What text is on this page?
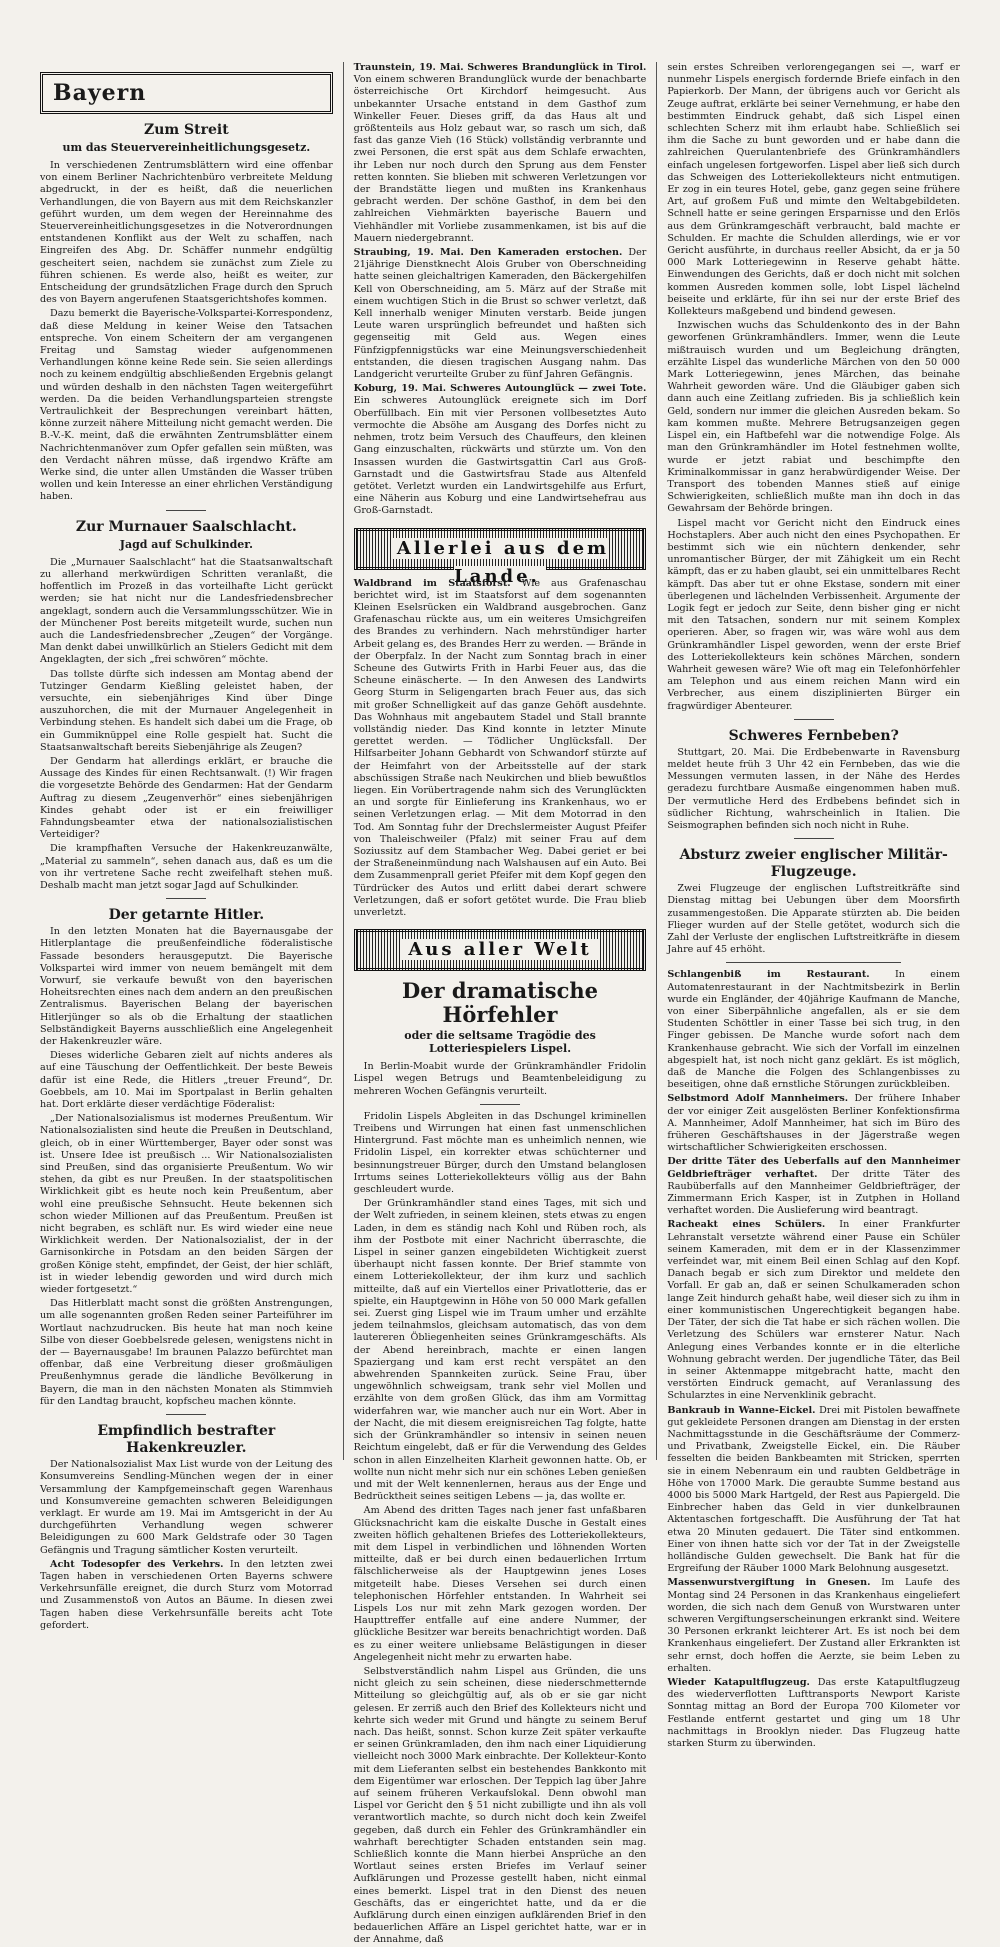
Bayern
Zum Streit
um das Steuervereinheitlichungsgesetz.

In verschiedenen Zentrumsblättern wird eine offenbar von einem Berliner Nachrichtenbüro verbreitete Meldung abgedruckt, in der es heißt, daß die neuerlichen Verhandlungen, die von Bayern aus mit dem Reichskanzler geführt wurden, um dem wegen der Hereinnahme des Steuervereinheitlichungsgesetzes in die Notverordnungen entstandenen Konflikt aus der Welt zu schaffen, nach Eingreifen des Abg. Dr. Schäffer nunmehr endgültig gescheitert seien, nachdem sie zunächst zum Ziele zu führen schienen. Es werde also, heißt es weiter, zur Entscheidung der grundsätzlichen Frage durch den Spruch des von Bayern angerufenen Staatsgerichtshofes kommen.

Dazu bemerkt die Bayerische-Volkspartei-Korrespondenz, daß diese Meldung in keiner Weise den Tatsachen entspreche. Von einem Scheitern der am vergangenen Freitag und Samstag wieder aufgenommenen Verhandlungen könne keine Rede sein. Sie seien allerdings noch zu keinem endgültig abschließenden Ergebnis gelangt und würden deshalb in den nächsten Tagen weitergeführt werden. Da die beiden Verhandlungsparteien strengste Vertraulichkeit der Besprechungen vereinbart hätten, könne zurzeit nähere Mitteilung nicht gemacht werden. Die B.-V.-K. meint, daß die erwähnten Zentrumsblätter einem Nachrichtenmanöver zum Opfer gefallen sein müßten, was den Verdacht nähren müsse, daß irgendwo Kräfte am Werke sind, die unter allen Umständen die Wasser trüben wollen und kein Interesse an einer ehrlichen Verständigung haben.

Zur Murnauer Saalschlacht.
Jagd auf Schulkinder.

Die „Murnauer Saalschlacht“ hat die Staatsanwaltschaft zu allerhand merkwürdigen Schritten veranlaßt, die hoffentlich im Prozeß in das vorteilhafte Licht gerückt werden; sie hat nicht nur die Landesfriedensbrecher angeklagt, sondern auch die Versammlungsschützer. Wie in der Münchener Post bereits mitgeteilt wurde, suchen nun auch die Landesfriedensbrecher „Zeugen“ der Vorgänge. Man denkt dabei unwillkürlich an Stielers Gedicht mit dem Angeklagten, der sich „frei schwören“ möchte.

Das tollste dürfte sich indessen am Montag abend der Tutzinger Gendarm Kießling geleistet haben, der versuchte, ein siebenjähriges Kind über Dinge auszuhorchen, die mit der Murnauer Angelegenheit in Verbindung stehen. Es handelt sich dabei um die Frage, ob ein Gummiknüppel eine Rolle gespielt hat. Sucht die Staatsanwaltschaft bereits Siebenjährige als Zeugen?

Der Gendarm hat allerdings erklärt, er brauche die Aussage des Kindes für einen Rechtsanwalt. (!) Wir fragen die vorgesetzte Behörde des Gendarmen: Hat der Gendarm Auftrag zu diesem „Zeugenverhör“ eines siebenjährigen Kindes gehabt oder ist er ein freiwilliger Fahndungsbeamter etwa der nationalsozialistischen Verteidiger?

Die krampfhaften Versuche der Hakenkreuzanwälte, „Material zu sammeln“, sehen danach aus, daß es um die von ihr vertretene Sache recht zweifelhaft stehen muß. Deshalb macht man jetzt sogar Jagd auf Schulkinder.

Der getarnte Hitler.

In den letzten Monaten hat die Bayernausgabe der Hitlerplantage die preußenfeindliche föderalistische Fassade besonders herausgeputzt. Die Bayerische Volkspartei wird immer von neuem bemängelt mit dem Vorwurf, sie verkaufe bewußt von den bayerischen Hoheitsrechten eines nach dem andern an den preußischen Zentralismus. Bayerischen Belang der bayerischen Hitlerjünger so als ob die Erhaltung der staatlichen Selbständigkeit Bayerns ausschließlich eine Angelegenheit der Hakenkreuzler wäre.

Dieses widerliche Gebaren zielt auf nichts anderes als auf eine Täuschung der Oeffentlichkeit. Der beste Beweis dafür ist eine Rede, die Hitlers „treuer Freund“, Dr. Goebbels, am 10. Mai im Sportpalast in Berlin gehalten hat. Dort erklärte dieser verdächtige Föderalist:

„Der Nationalsozialismus ist modernes Preußentum. Wir Nationalsozialisten sind heute die Preußen in Deutschland, gleich, ob in einer Württemberger, Bayer oder sonst was ist. Unsere Idee ist preußisch ... Wir Nationalsozialisten sind Preußen, sind das organisierte Preußentum. Wo wir stehen, da gibt es nur Preußen. In der staatspolitischen Wirklichkeit gibt es heute noch kein Preußentum, aber wohl eine preußische Sehnsucht. Heute bekennen sich schon wieder Millionen auf das Preußentum. Preußen ist nicht begraben, es schläft nur. Es wird wieder eine neue Wirklichkeit werden. Der Nationalsozialist, der in der Garnisonkirche in Potsdam an den beiden Särgen der großen Könige steht, empfindet, der Geist, der hier schläft, ist in wieder lebendig geworden und wird durch mich wieder fortgesetzt.“

Das Hitlerblatt macht sonst die größten Anstrengungen, um alle sogenannten großen Reden seiner Parteiführer im Wortlaut nachzudrucken. Bis heute hat man noch keine Silbe von dieser Goebbelsrede gelesen, wenigstens nicht in der — Bayernausgabe! Im braunen Palazzo befürchtet man offenbar, daß eine Verbreitung dieser großmäuligen Preußenhymnus gerade die ländliche Bevölkerung in Bayern, die man in den nächsten Monaten als Stimmvieh für den Landtag braucht, kopfscheu machen könnte.

Empfindlich bestrafter Hakenkreuzler.

Der Nationalsozialist Max List wurde von der Leitung des Konsumvereins Sendling-München wegen der in einer Versammlung der Kampfgemeinschaft gegen Warenhaus und Konsumvereine gemachten schweren Beleidigungen verklagt. Er wurde am 19. Mai im Amtsgericht in der Au durchgeführten Verhandlung wegen schwerer Beleidigungen zu 600 Mark Geldstrafe oder 30 Tagen Gefängnis und Tragung sämtlicher Kosten verurteilt.

Acht Todesopfer des Verkehrs. In den letzten zwei Tagen haben in verschiedenen Orten Bayerns schwere Verkehrsunfälle ereignet, die durch Sturz vom Motorrad und Zusammenstoß von Autos an Bäume. In diesen zwei Tagen haben diese Verkehrsunfälle bereits acht Tote gefordert.

Traunstein, 19. Mai. Schweres Brandunglück in Tirol. Von einem schweren Brandunglück wurde der benachbarte österreichische Ort Kirchdorf heimgesucht. Aus unbekannter Ursache entstand in dem Gasthof zum Winkeller Feuer. Dieses griff, da das Haus alt und größtenteils aus Holz gebaut war, so rasch um sich, daß fast das ganze Vieh (16 Stück) vollständig verbrannte und zwei Personen, die erst spät aus dem Schlafe erwachten, ihr Leben nur noch durch den Sprung aus dem Fenster retten konnten. Sie blieben mit schweren Verletzungen vor der Brandstätte liegen und mußten ins Krankenhaus gebracht werden. Der schöne Gasthof, in dem bei den zahlreichen Viehmärkten bayerische Bauern und Viehhändler mit Vorliebe zusammenkamen, ist bis auf die Mauern niedergebrannt.

Straubing, 19. Mai. Den Kameraden erstochen. Der 21jährige Dienstknecht Alois Gruber von Oberschneiding hatte seinen gleichaltrigen Kameraden, den Bäckergehilfen Kell von Oberschneiding, am 5. März auf der Straße mit einem wuchtigen Stich in die Brust so schwer verletzt, daß Kell innerhalb weniger Minuten verstarb. Beide jungen Leute waren ursprünglich befreundet und haßten sich gegenseitig mit Geld aus. Wegen eines Fünfzigpfennigstücks war eine Meinungsverschiedenheit entstanden, die diesen tragischen Ausgang nahm. Das Landgericht verurteilte Gruber zu fünf Jahren Gefängnis.

Koburg, 19. Mai. Schweres Autounglück — zwei Tote. Ein schweres Autounglück ereignete sich im Dorf Oberfüllbach. Ein mit vier Personen vollbesetztes Auto vermochte die Absöhe am Ausgang des Dorfes nicht zu nehmen, trotz beim Versuch des Chauffeurs, den kleinen Gang einzuschalten, rückwärts und stürzte um. Von den Insassen wurden die Gastwirtsgattin Carl aus Groß-Garnstadt und die Gastwirtsfrau Stade aus Altenfeld getötet. Verletzt wurden ein Landwirtsgehilfe aus Erfurt, eine Näherin aus Koburg und eine Landwirtsehefrau aus Groß-Garnstadt.

Allerlei aus dem Lande.

Waldbrand im Staatsforst. Wie aus Grafenaschau berichtet wird, ist im Staatsforst auf dem sogenannten Kleinen Eselsrücken ein Waldbrand ausgebrochen. Ganz Grafenaschau rückte aus, um ein weiteres Umsichgreifen des Brandes zu verhindern. Nach mehrstündiger harter Arbeit gelang es, des Brandes Herr zu werden. — Brände in der Oberpfalz. In der Nacht zum Sonntag brach in einer Scheune des Gutwirts Frith in Harbi Feuer aus, das die Scheune einäscherte. — In den Anwesen des Landwirts Georg Sturm in Seligengarten brach Feuer aus, das sich mit großer Schnelligkeit auf das ganze Gehöft ausdehnte. Das Wohnhaus mit angebautem Stadel und Stall brannte vollständig nieder. Das Kind konnte in letzter Minute gerettet werden. — Tödlicher Unglücksfall. Der Hilfsarbeiter Johann Gebhardt von Schwandorf stürzte auf der Heimfahrt von der Arbeitsstelle auf der stark abschüssigen Straße nach Neukirchen und blieb bewußtlos liegen. Ein Vorübertragende nahm sich des Verunglückten an und sorgte für Einlieferung ins Krankenhaus, wo er seinen Verletzungen erlag. — Mit dem Motorrad in den Tod. Am Sonntag fuhr der Drechslermeister August Pfeifer von Thaleischweiler (Pfalz) mit seiner Frau auf dem Soziussitz auf dem Stambacher Weg. Dabei geriet er bei der Straßeneinmündung nach Walshausen auf ein Auto. Bei dem Zusammenprall geriet Pfeifer mit dem Kopf gegen den Türdrücker des Autos und erlitt dabei derart schwere Verletzungen, daß er sofort getötet wurde. Die Frau blieb unverletzt.

Aus aller Welt
Der dramatische Hörfehler
oder die seltsame Tragödie des Lotteriespielers Lispel.

In Berlin-Moabit wurde der Grünkramhändler Fridolin Lispel wegen Betrugs und Beamtenbeleidigung zu mehreren Wochen Gefängnis verurteilt.

Fridolin Lispels Abgleiten in das Dschungel kriminellen Treibens und Wirrungen hat einen fast unmenschlichen Hintergrund. Fast möchte man es unheimlich nennen, wie Fridolin Lispel, ein korrekter etwas schüchterner und besinnungstreuer Bürger, durch den Umstand belanglosen Irrtums seines Lotteriekollekteurs völlig aus der Bahn geschleudert wurde.

Der Grünkramhändler stand eines Tages, mit sich und der Welt zufrieden, in seinem kleinen, stets etwas zu engen Laden, in dem es ständig nach Kohl und Rüben roch, als ihm der Postbote mit einer Nachricht überraschte, die Lispel in seiner ganzen eingebildeten Wichtigkeit zuerst überhaupt nicht fassen konnte. Der Brief stammte von einem Lotteriekollekteur, der ihm kurz und sachlich mitteilte, daß auf ein Viertellos einer Privatlotterie, das er spielte, ein Hauptgewinn in Höhe von 50 000 Mark gefallen sei. Zuerst ging Lispel wie im Traum umher und erzählte jedem teilnahmslos, gleichsam automatisch, das von dem lautereren Öbliegenheiten seines Grünkramgeschäfts. Als der Abend hereinbrach, machte er einen langen Spaziergang und kam erst recht verspätet an den abwehrenden Spannkeiten zurück. Seine Frau, über ungewöhnlich schweigsam, trank sehr viel Mollen und erzählte von dem großen Glück, das ihm am Vormittag widerfahren war, wie mancher auch nur ein Wort. Aber in der Nacht, die mit diesem ereignisreichen Tag folgte, hatte sich der Grünkramhändler so intensiv in seinen neuen Reichtum eingelebt, daß er für die Verwendung des Geldes schon in allen Einzelheiten Klarheit gewonnen hatte. Ob, er wollte nun nicht mehr sich nur ein schönes Leben genießen und mit der Welt kennenlernen, heraus aus der Enge und Bedrücktheit seines seitigen Lebens — ja, das wollte er.

Am Abend des dritten Tages nach jener fast unfaßbaren Glücksnachricht kam die eiskalte Dusche in Gestalt eines zweiten höflich gehaltenen Briefes des Lotteriekollekteurs, mit dem Lispel in verbindlichen und löhnenden Worten mitteilte, daß er bei durch einen bedauerlichen Irrtum fälschlicherweise als der Hauptgewinn jenes Loses mitgeteilt habe. Dieses Versehen sei durch einen telephonischen Hörfehler entstanden. In Wahrheit sei Lispels Los nur mit zehn Mark gezogen worden. Der Haupttreffer entfalle auf eine andere Nummer, der glückliche Besitzer war bereits benachrichtigt worden. Daß es zu einer weitere unliebsame Belästigungen in dieser Angelegenheit nicht mehr zu erwarten habe.

Selbstverständlich nahm Lispel aus Gründen, die uns nicht gleich zu sein scheinen, diese niederschmetternde Mitteilung so gleichgültig auf, als ob er sie gar nicht gelesen. Er zerriß auch den Brief des Kollekteurs nicht und kehrte sich weder mit Grund und hängte zu seinem Beruf nach. Das heißt, sonnst. Schon kurze Zeit später verkaufte er seinen Grünkramladen, den ihm nach einer Liquidierung vielleicht noch 3000 Mark einbrachte. Der Kollekteur-Konto mit dem Lieferanten selbst ein bestehendes Bankkonto mit dem Eigentümer war erloschen. Der Teppich lag über Jahre auf seinem früheren Verkaufslokal. Denn obwohl man Lispel vor Gericht den § 51 nicht zubilligte und ihn als voll verantwortlich machte, so durch nicht doch kein Zweifel gegeben, daß durch ein Fehler des Grünkramhändler ein wahrhaft berechtigter Schaden entstanden sein mag. Schließlich konnte die Mann hierbei Ansprüche an den Wortlaut seines ersten Briefes im Verlauf seiner Aufklärungen und Prozesse gestellt haben, nicht einmal eines bemerkt. Lispel trat in den Dienst des neuen Geschäfts, das er eingerichtet hatte, und da er die Aufklärung durch einen einzigen aufklärenden Brief in den bedauerlichen Affäre an Lispel gerichtet hatte, war er in der Annahme, daß

sein erstes Schreiben verlorengegangen sei —, warf er nunmehr Lispels energisch fordernde Briefe einfach in den Papierkorb. Der Mann, der übrigens auch vor Gericht als Zeuge auftrat, erklärte bei seiner Vernehmung, er habe den bestimmten Eindruck gehabt, daß sich Lispel einen schlechten Scherz mit ihm erlaubt habe. Schließlich sei ihm die Sache zu bunt geworden und er habe dann die zahlreichen Querulantenbriefe des Grünkramhändlers einfach ungelesen fortgeworfen. Lispel aber ließ sich durch das Schweigen des Lotteriekollekteurs nicht entmutigen. Er zog in ein teures Hotel, gebe, ganz gegen seine frühere Art, auf großem Fuß und mimte den Weltabgebildeten. Schnell hatte er seine geringen Ersparnisse und den Erlös aus dem Grünkramgeschäft verbraucht, bald machte er Schulden. Er machte die Schulden allerdings, wie er vor Gericht ausführte, in durchaus reeller Absicht, da er ja 50 000 Mark Lotteriegewinn in Reserve gehabt hätte. Einwendungen des Gerichts, daß er doch nicht mit solchen kommen Ausreden kommen solle, lobt Lispel lächelnd beiseite und erklärte, für ihn sei nur der erste Brief des Kollekteurs maßgebend und bindend gewesen.

Inzwischen wuchs das Schuldenkonto des in der Bahn geworfenen Grünkramhändlers. Immer, wenn die Leute mißtrauisch wurden und um Begleichung drängten, erzählte Lispel das wunderliche Märchen von den 50 000 Mark Lotteriegewinn, jenes Märchen, das beinahe Wahrheit geworden wäre. Und die Gläubiger gaben sich dann auch eine Zeitlang zufrieden. Bis ja schließlich kein Geld, sondern nur immer die gleichen Ausreden bekam. So kam kommen mußte. Mehrere Betrugsanzeigen gegen Lispel ein, ein Haftbefehl war die notwendige Folge. Als man den Grünkramhändler im Hotel festnehmen wollte, wurde er jetzt rabiat und beschimpfte den Kriminalkommissar in ganz herabwürdigender Weise. Der Transport des tobenden Mannes stieß auf einige Schwierigkeiten, schließlich mußte man ihn doch in das Gewahrsam der Behörde bringen.

Lispel macht vor Gericht nicht den Eindruck eines Hochstaplers. Aber auch nicht den eines Psychopathen. Er bestimmt sich wie ein nüchtern denkender, sehr unromantischer Bürger, der mit Zähigkeit um ein Recht kämpft, das er zu haben glaubt, sei ein unmittelbares Recht kämpft. Das aber tut er ohne Ekstase, sondern mit einer überlegenen und lächelnden Verbissenheit. Argumente der Logik fegt er jedoch zur Seite, denn bisher ging er nicht mit den Tatsachen, sondern nur mit seinem Komplex operieren. Aber, so fragen wir, was wäre wohl aus dem Grünkramhändler Lispel geworden, wenn der erste Brief des Lotteriekollekteurs kein schönes Märchen, sondern Wahrheit gewesen wäre? Wie oft mag ein Telefonhörfehler am Telephon und aus einem reichen Mann wird ein Verbrecher, aus einem disziplinierten Bürger ein fragwürdiger Abenteurer.

Schweres Fernbeben?

Stuttgart, 20. Mai. Die Erdbebenwarte in Ravensburg meldet heute früh 3 Uhr 42 ein Fernbeben, das wie die Messungen vermuten lassen, in der Nähe des Herdes geradezu furchtbare Ausmaße eingenommen haben muß. Der vermutliche Herd des Erdbebens befindet sich in südlicher Richtung, wahrscheinlich in Italien. Die Seismographen befinden sich noch nicht in Ruhe.

Absturz zweier englischer Militär-Flugzeuge.

Zwei Flugzeuge der englischen Luftstreitkräfte sind Dienstag mittag bei Uebungen über dem Moorsfirth zusammengestoßen. Die Apparate stürzten ab. Die beiden Flieger wurden auf der Stelle getötet, wodurch sich die Zahl der Verluste der englischen Luftstreitkräfte in diesem Jahre auf 45 erhöht.

Schlangenbiß im Restaurant.	In einem Automatenrestaurant in der Nachtmitsbezirk in Berlin wurde ein Engländer, der 40jährige Kaufmann de Manche, von einer Siberpähnliche angefallen, als er sie dem Studenten Schöttler in einer Tasse bei sich trug, in den Finger gebissen. De Manche wurde sofort nach dem Krankenhause gebracht. Wie sich der Vorfall im einzelnen abgespielt hat, ist noch nicht ganz geklärt. Es ist möglich, daß de Manche die Folgen des Schlangenbisses zu beseitigen, ohne daß ernstliche Störungen zurückbleiben.

Selbstmord Adolf Mannheimers. Der frühere Inhaber der vor einiger Zeit ausgelösten Berliner Konfektionsfirma A. Mannheimer, Adolf Mannheimer, hat sich im Büro des früheren Geschäftshauses in der Jägerstraße wegen wirtschaftlicher Schwierigkeiten erschossen.

Der dritte Täter des Ueberfalls auf den Mannheimer Geldbriefträger verhaftet. Der dritte Täter des Raubüberfalls auf den Mannheimer Geldbriefträger, der Zimmermann Erich Kasper, ist in Zutphen in Holland verhaftet worden. Die Auslieferung wird beantragt.

Racheakt eines Schülers. In einer Frankfurter Lehranstalt versetzte während einer Pause ein Schüler seinem Kameraden, mit dem er in der Klassenzimmer verfeindet war, mit einem Beil einen Schlag auf den Kopf. Danach begab er sich zum Direktor und meldete den Vorfall. Er gab an, daß er seinen Schulkameraden schon lange Zeit hindurch gehaßt habe, weil dieser sich zu ihm in einer kommunistischen Ungerechtigkeit begangen habe. Der Täter, der sich die Tat habe er sich rächen wollen. Die Verletzung des Schülers war ernsterer Natur. Nach Anlegung eines Verbandes konnte er in die elterliche Wohnung gebracht werden. Der jugendliche Täter, das Beil in seiner Aktenmappe mitgebracht hatte, macht den verstörten Eindruck gemacht, auf Veranlassung des Schularztes in eine Nervenklinik gebracht.

Bankraub in Wanne-Eickel. Drei mit Pistolen bewaffnete gut gekleidete Personen drangen am Dienstag in der ersten Nachmittagsstunde in die Geschäftsräume der Commerz- und Privatbank, Zweigstelle Eickel, ein. Die Räuber fesselten die beiden Bankbeamten mit Stricken, sperrten sie in einem Nebenraum ein und raubten Geldbeträge in Höhe von 17000 Mark. Die geraubte Summe bestand aus 4000 bis 5000 Mark Hartgeld, der Rest aus Papiergeld. Die Einbrecher haben das Geld in vier dunkelbraunen Aktentaschen fortgeschafft. Die Ausführung der Tat hat etwa 20 Minuten gedauert. Die Täter sind entkommen. Einer von ihnen hatte sich vor der Tat in der Zweigstelle holländische Gulden gewechselt. Die Bank hat für die Ergreifung der Räuber 1000 Mark Belohnung ausgesetzt.

Massenwurstvergiftung in Gnesen. Im Laufe des Montag sind 24 Personen in das Krankenhaus eingeliefert worden, die sich nach dem Genuß von Wurstwaren unter schweren Vergiftungserscheinungen erkrankt sind. Weitere 30 Personen erkrankt leichterer Art. Es ist noch bei dem Krankenhaus eingeliefert. Der Zustand aller Erkrankten ist sehr ernst, doch hoffen die Aerzte, sie beim Leben zu erhalten.

Wieder Katapultflugzeug. Das erste Katapultflugzeug des wiederverflotten Lufttransports Newport Kariste Sonntag mittag an Bord der Europa 700 Kilometer vor Festlande entfernt gestartet und ging um 18 Uhr nachmittags in Brooklyn nieder. Das Flugzeug hatte starken Sturm zu überwinden.
